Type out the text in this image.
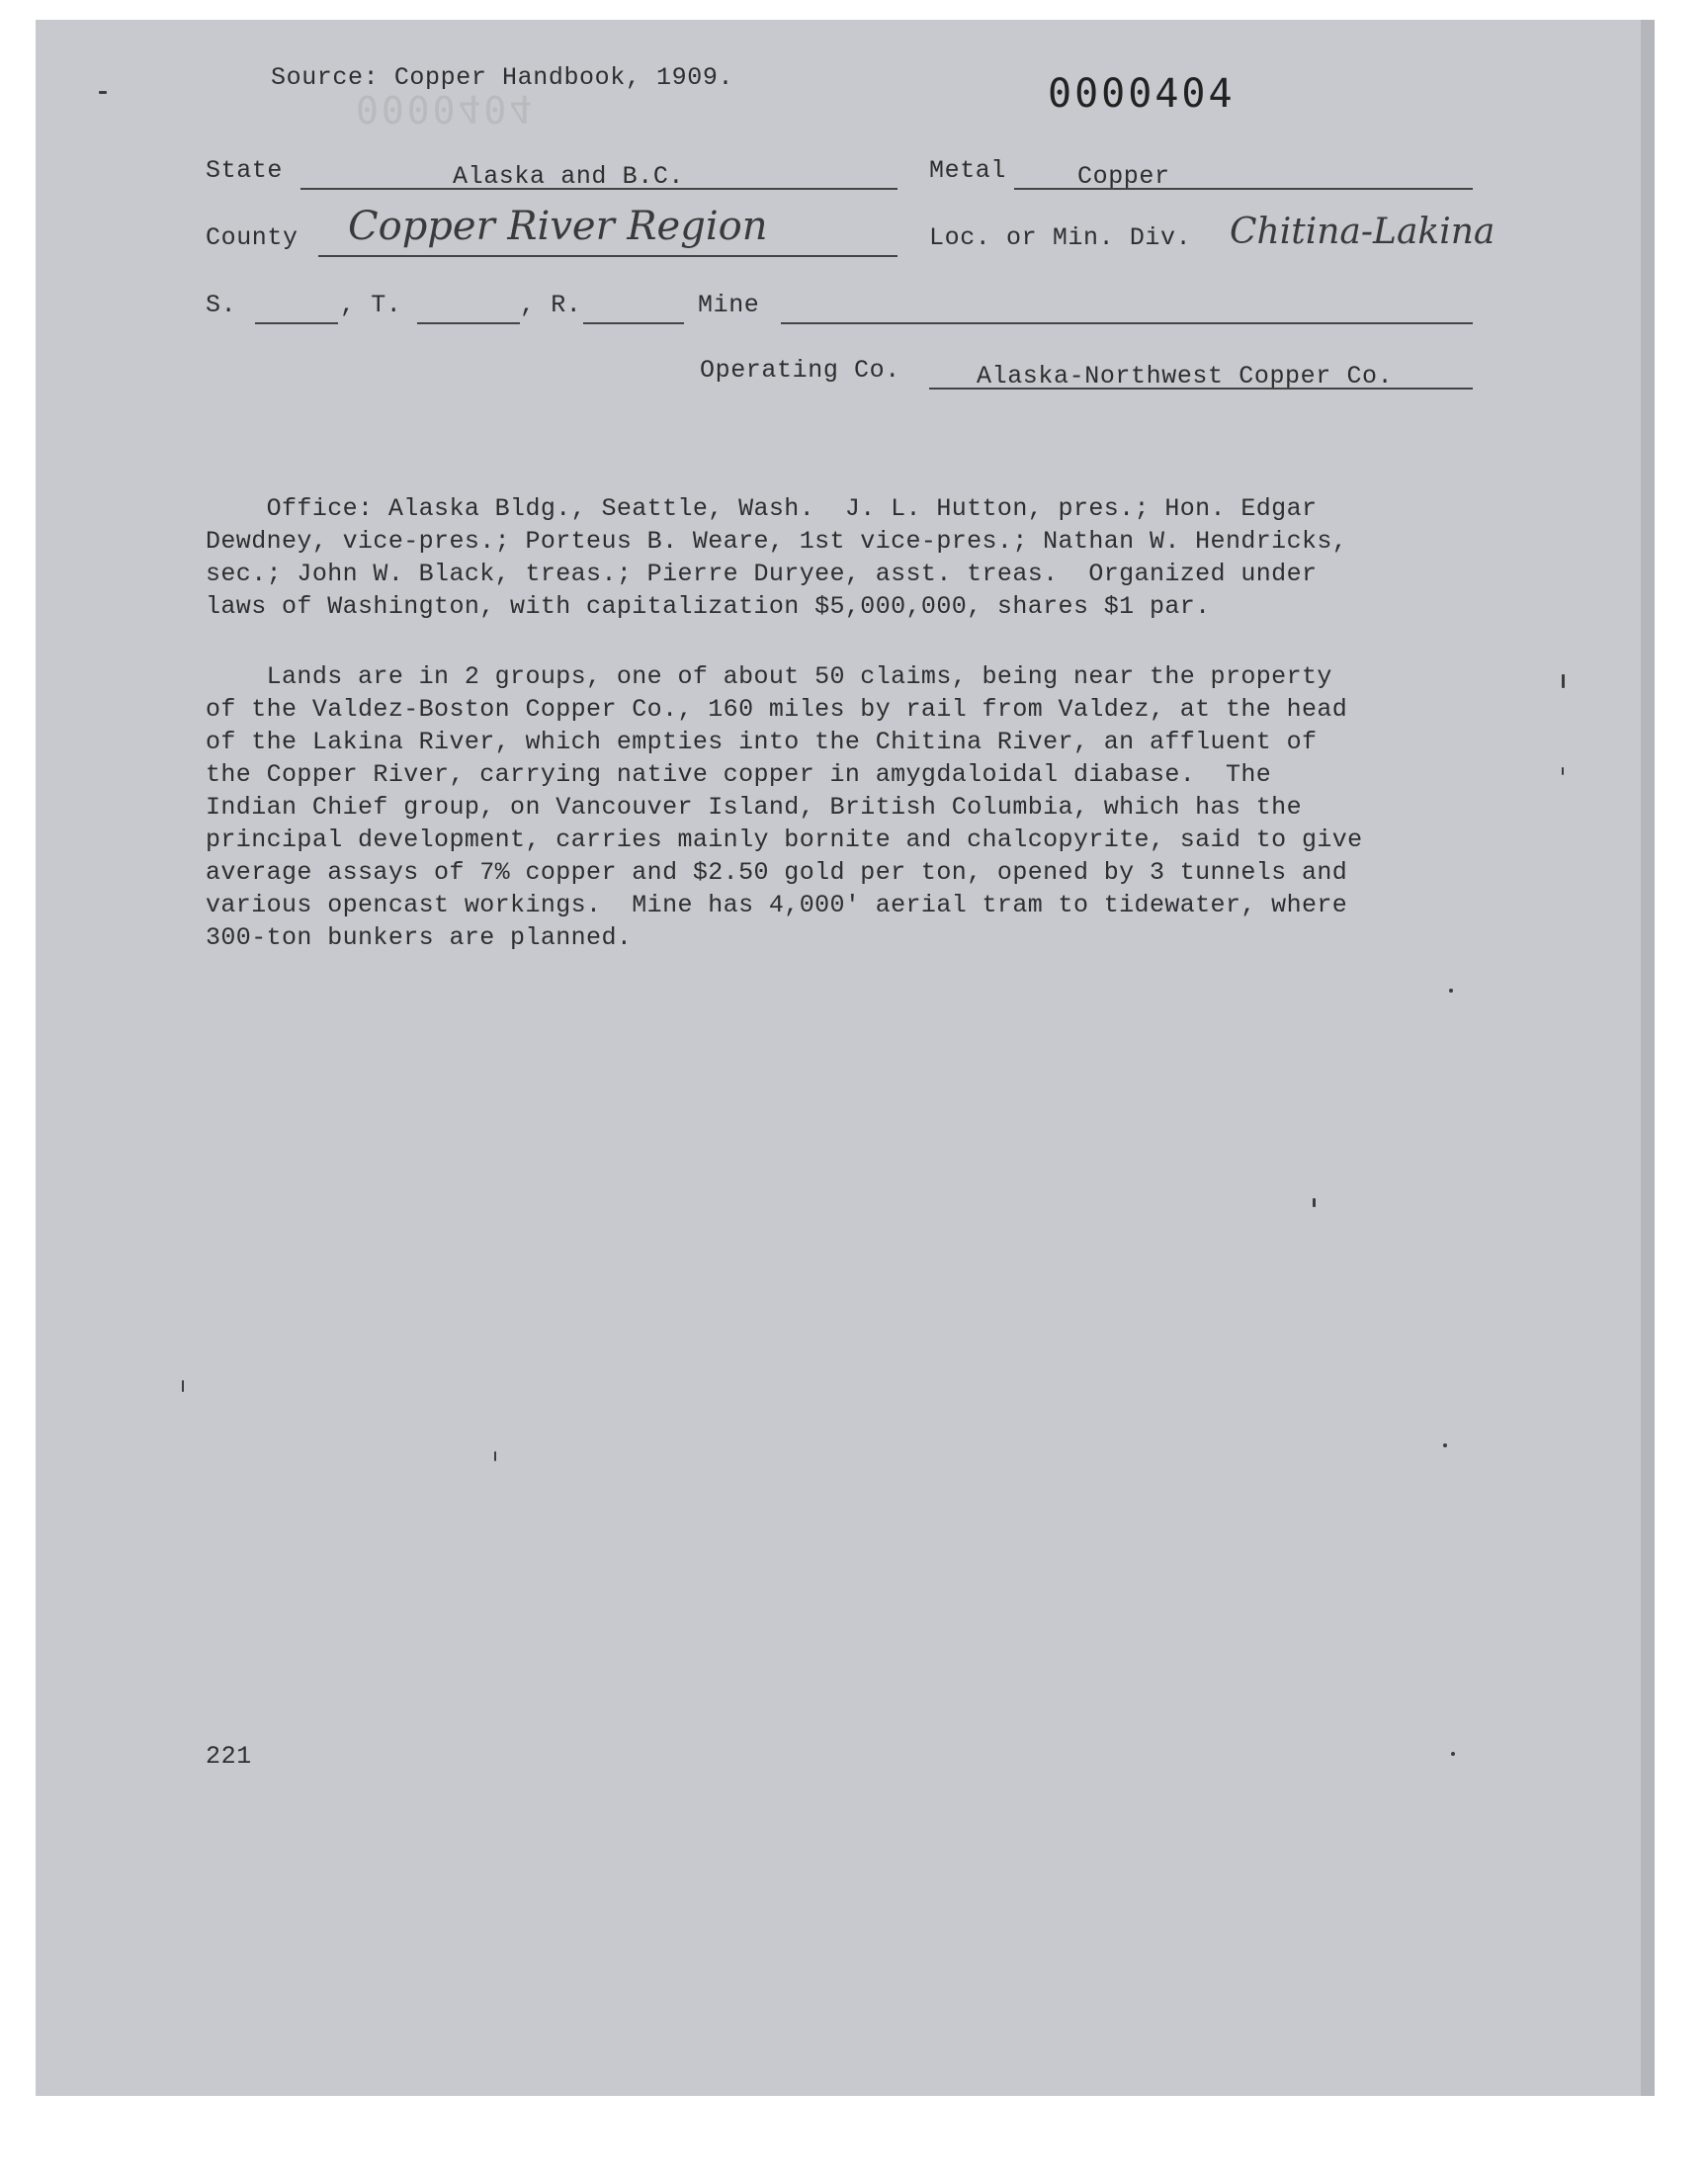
0000404
Source: Copper Handbook, 1909.	0000404
State	Alaska and B.C.	Metal	Copper
County Copper River Region	Loc. or Min. Div. Chitina-Lakina
S.	, T.	, R.	Mine
Operating Co.	Alaska-Northwest Copper Co.

Office: Alaska Bldg., Seattle, Wash.  J. L. Hutton, pres.; Hon. Edgar

Dewdney, vice-pres.; Porteus B. Weare, 1st vice-pres.; Nathan W. Hendricks,

sec.; John W. Black, treas.; Pierre Duryee, asst. treas.  Organized under

laws of Washington, with capitalization $5,000,000, shares $1 par.

Lands are in 2 groups, one of about 50 claims, being near the property

of the Valdez-Boston Copper Co., 160 miles by rail from Valdez, at the head

of the Lakina River, which empties into the Chitina River, an affluent of

the Copper River, carrying native copper in amygdaloidal diabase.  The

Indian Chief group, on Vancouver Island, British Columbia, which has the

principal development, carries mainly bornite and chalcopyrite, said to give

average assays of 7% copper and $2.50 gold per ton, opened by 3 tunnels and

various opencast workings.  Mine has 4,000' aerial tram to tidewater, where

300-ton bunkers are planned.

221
